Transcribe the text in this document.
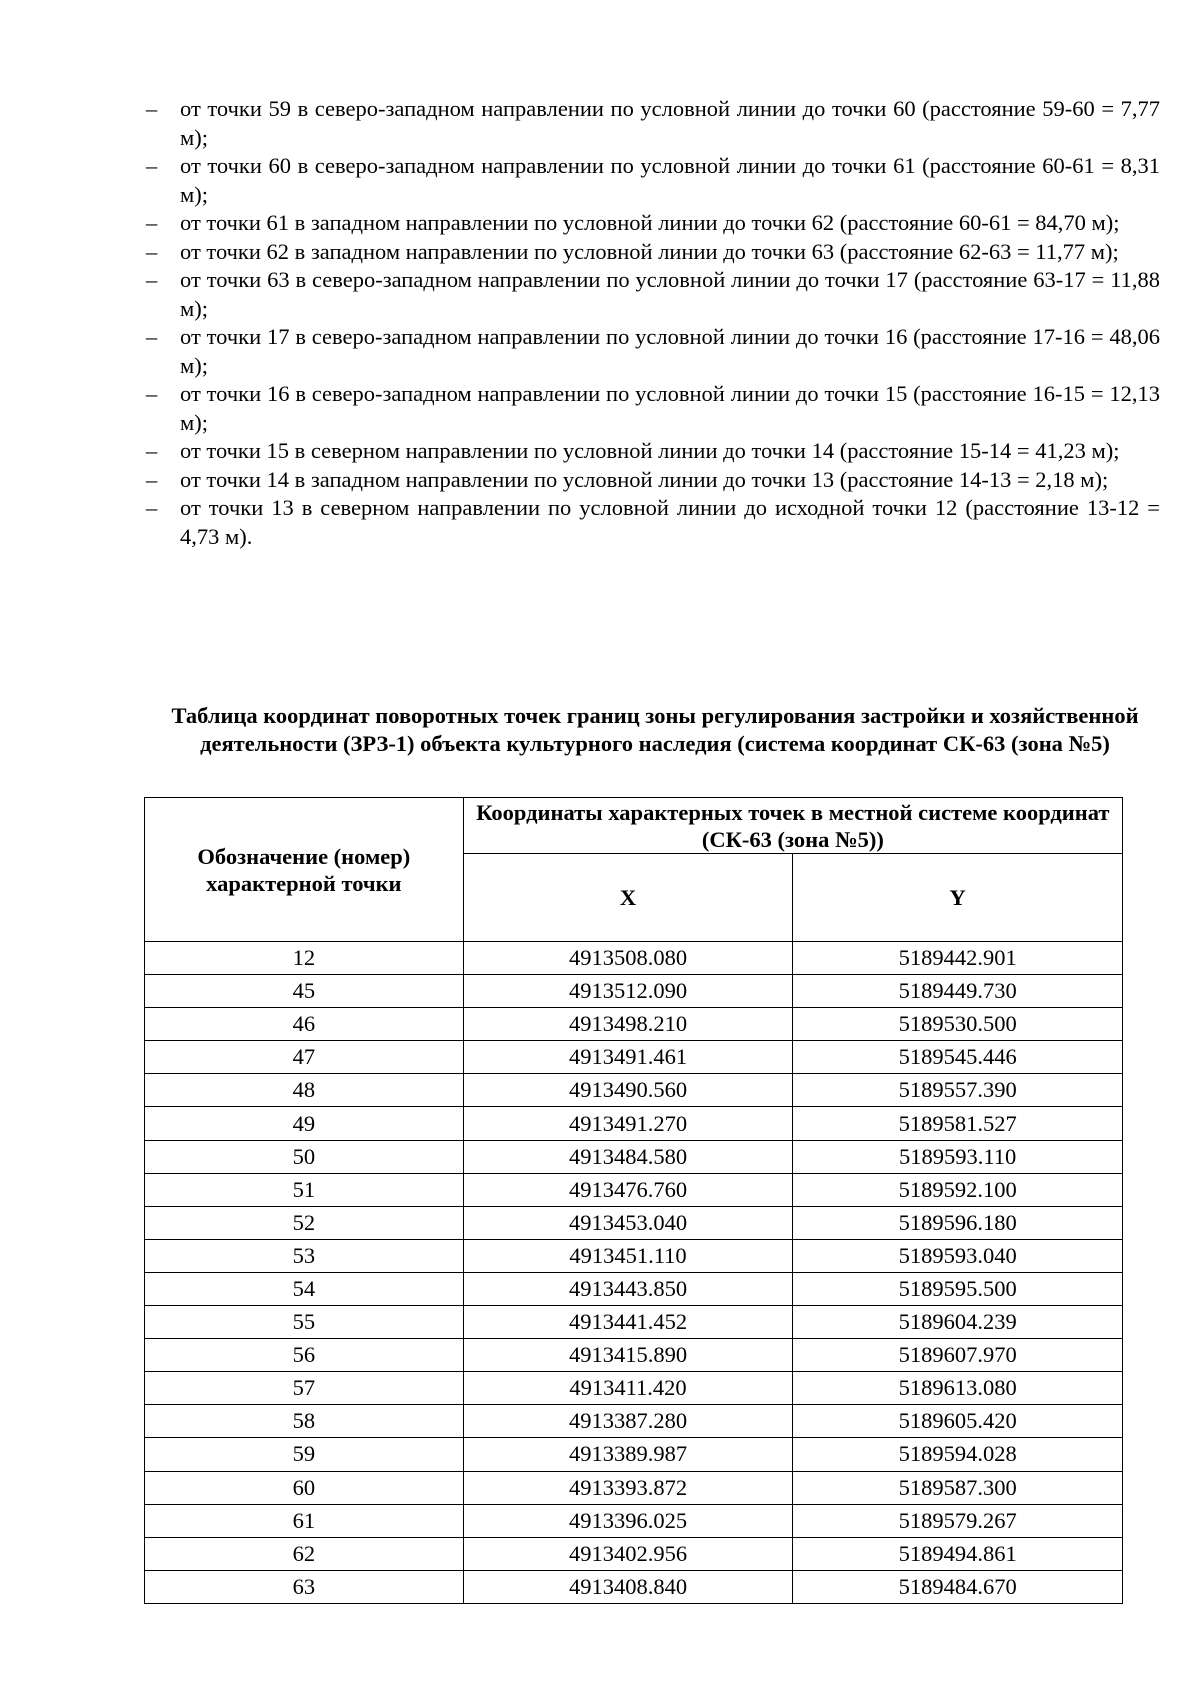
– от точки 59 в северо-западном направлении по условной линии до точки 60 (расстояние 59-60 = 7,77 м);
– от точки 60 в северо-западном направлении по условной линии до точки 61 (расстояние 60-61 = 8,31 м);
– от точки 61 в западном направлении по условной линии до точки 62 (расстояние 60-61 = 84,70 м);
– от точки 62 в западном направлении по условной линии до точки 63 (расстояние 62-63 = 11,77 м);
– от точки 63 в северо-западном направлении по условной линии до точки 17 (расстояние 63-17 = 11,88 м);
– от точки 17 в северо-западном направлении по условной линии до точки 16 (расстояние 17-16 = 48,06 м);
– от точки 16 в северо-западном направлении по условной линии до точки 15 (расстояние 16-15 = 12,13 м);
– от точки 15 в северном направлении по условной линии до точки 14 (расстояние 15-14 = 41,23 м);
– от точки 14 в западном направлении по условной линии до точки 13 (расстояние 14-13 = 2,18 м);
– от точки 13 в северном направлении по условной линии до исходной точки 12 (расстояние 13-12 = 4,73 м).
Таблица координат поворотных точек границ зоны регулирования застройки и хозяйственной деятельности (ЗРЗ-1) объекта культурного наследия (система координат СК-63 (зона №5)
Обозначение (номер) характерной точки	Координаты характерных точек в местной системе координат (СК-63 (зона №5))	
	X	Y
12	4913508.080	5189442.901
45	4913512.090	5189449.730
46	4913498.210	5189530.500
47	4913491.461	5189545.446
48	4913490.560	5189557.390
49	4913491.270	5189581.527
50	4913484.580	5189593.110
51	4913476.760	5189592.100
52	4913453.040	5189596.180
53	4913451.110	5189593.040
54	4913443.850	5189595.500
55	4913441.452	5189604.239
56	4913415.890	5189607.970
57	4913411.420	5189613.080
58	4913387.280	5189605.420
59	4913389.987	5189594.028
60	4913393.872	5189587.300
61	4913396.025	5189579.267
62	4913402.956	5189494.861
63	4913408.840	5189484.670
